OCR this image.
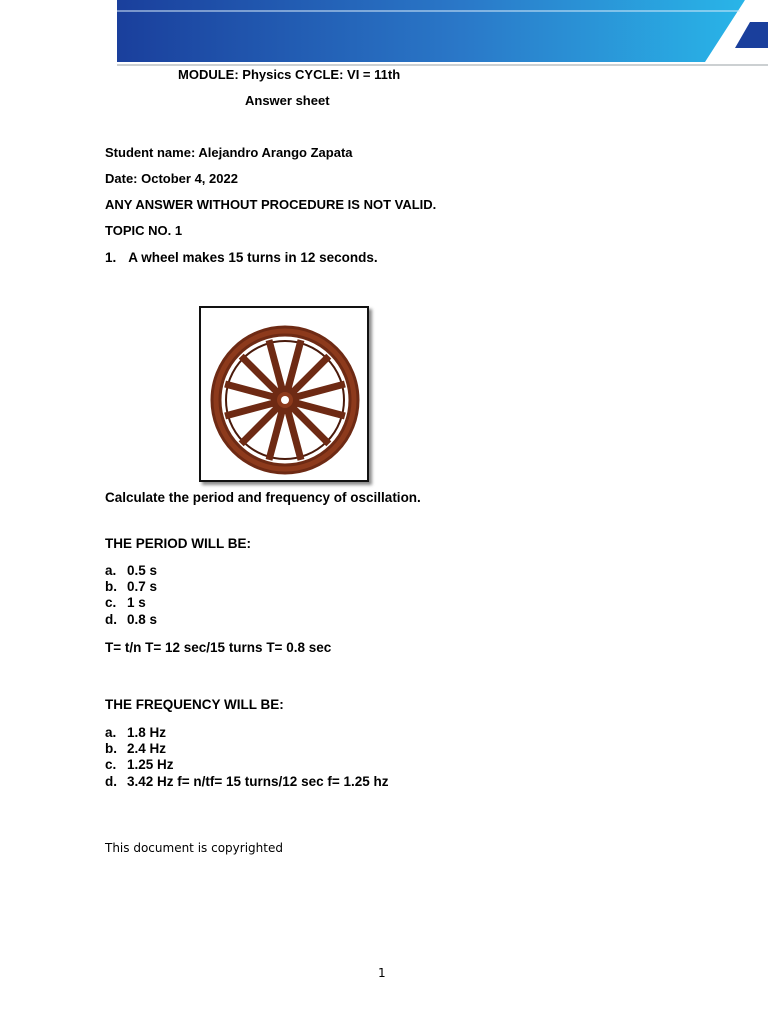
MODULE: Physics CYCLE: VI = 11th
Answer sheet
Student name: Alejandro Arango Zapata
Date: October 4, 2022
ANY ANSWER WITHOUT PROCEDURE IS NOT VALID.
TOPIC NO. 1
1. A wheel makes 15 turns in 12 seconds.
Calculate the period and frequency of oscillation.
THE PERIOD WILL BE:
a. 0.5 s
b. 0.7 s
c. 1 s
d. 0.8 s
T= t/n T= 12 sec/15 turns T= 0.8 sec
THE FREQUENCY WILL BE:
a. 1.8 Hz
b. 2.4 Hz
c. 1.25 Hz
d. 3.42 Hz f= n/tf= 15 turns/12 sec f= 1.25 hz
This document is copyrighted
1
